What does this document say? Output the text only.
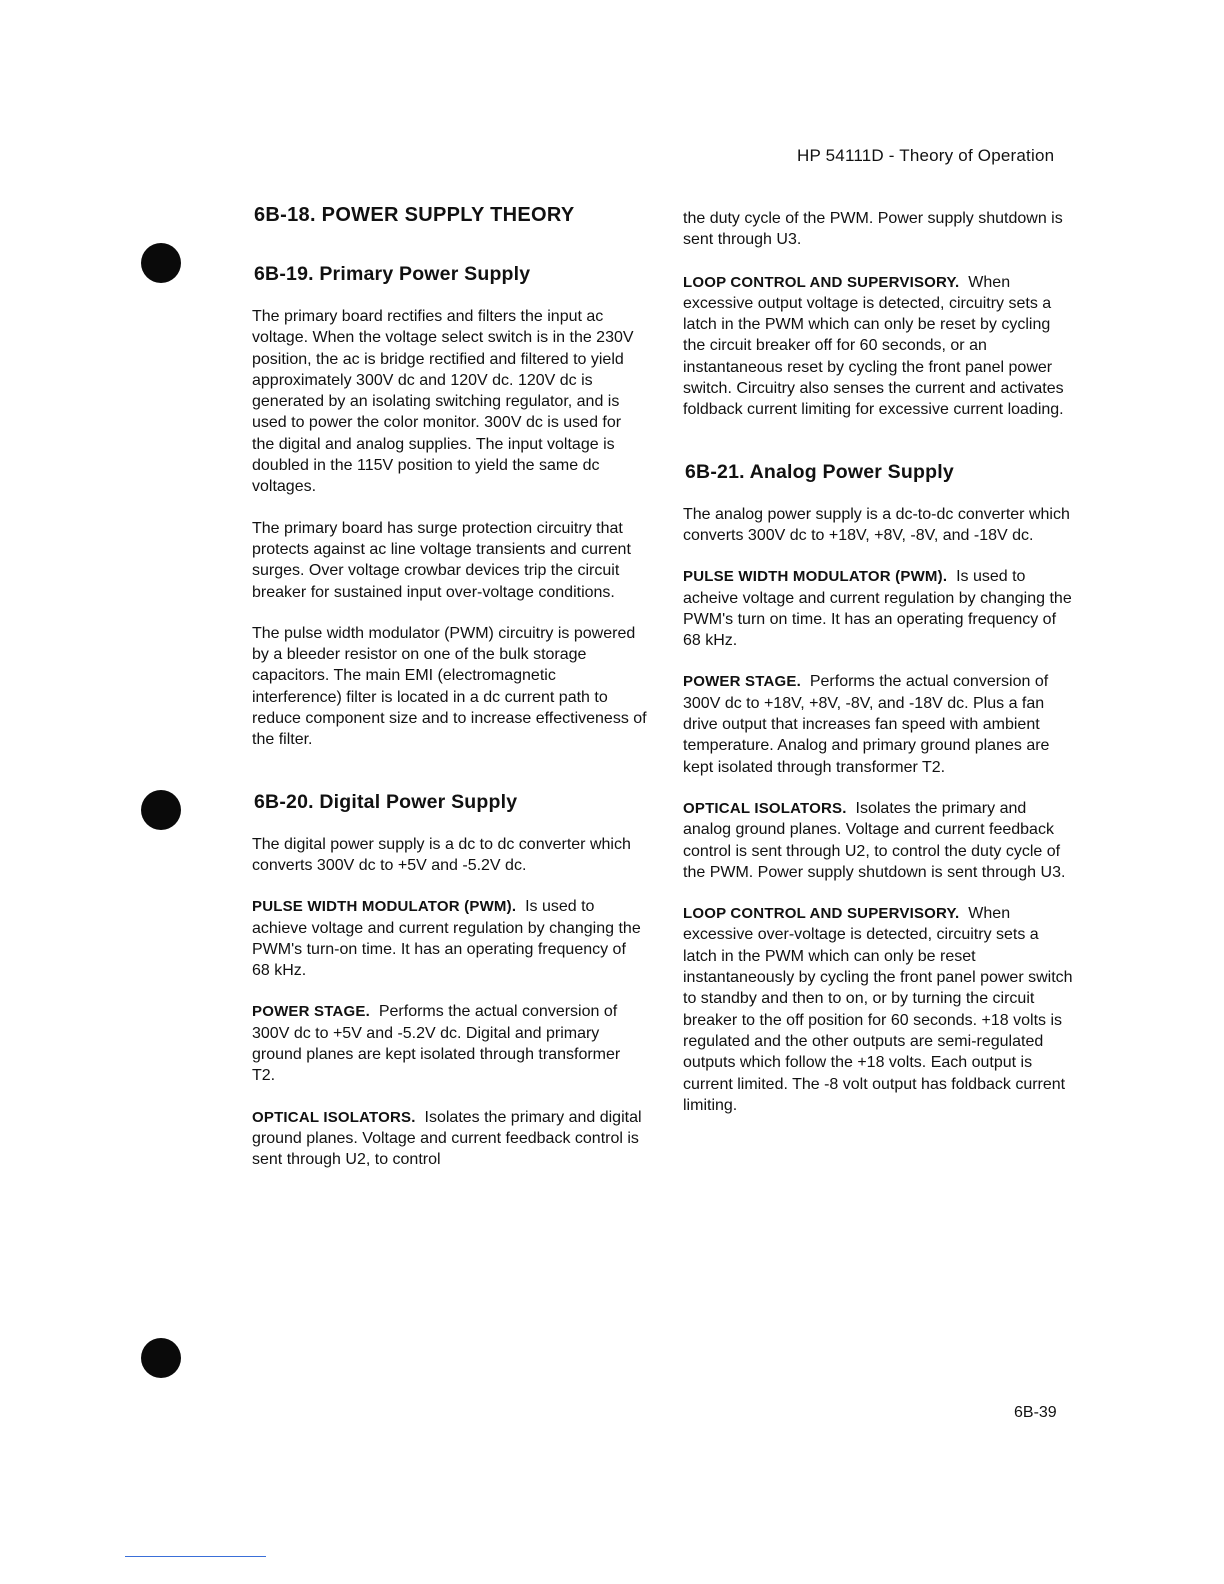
HP 54111D - Theory of Operation
6B-18. POWER SUPPLY THEORY
6B-19. Primary Power Supply

The primary board rectifies and filters the input ac voltage. When the voltage select switch is in the 230V position, the ac is bridge rectified and filtered to yield approximately 300V dc and 120V dc. 120V dc is generated by an isolating switching regulator, and is used to power the color monitor. 300V dc is used for the digital and analog supplies. The input voltage is doubled in the 115V position to yield the same dc voltages.

The primary board has surge protection circuitry that protects against ac line voltage transients and current surges. Over voltage crowbar devices trip the circuit breaker for sustained input over-voltage conditions.

The pulse width modulator (PWM) circuitry is powered by a bleeder resistor on one of the bulk storage capacitors. The main EMI (electromagnetic interference) filter is located in a dc current path to reduce component size and to increase effectiveness of the filter.

6B-20. Digital Power Supply

The digital power supply is a dc to dc converter which converts 300V dc to +5V and -5.2V dc.

PULSE WIDTH MODULATOR (PWM). Is used to achieve voltage and current regulation by changing the PWM's turn-on time. It has an operating frequency of 68 kHz.

POWER STAGE. Performs the actual conversion of 300V dc to +5V and -5.2V dc. Digital and primary ground planes are kept isolated through transformer T2.

OPTICAL ISOLATORS. Isolates the primary and digital ground planes. Voltage and current feedback control is sent through U2, to control

the duty cycle of the PWM. Power supply shutdown is sent through U3.

LOOP CONTROL AND SUPERVISORY. When excessive output voltage is detected, circuitry sets a latch in the PWM which can only be reset by cycling the circuit breaker off for 60 seconds, or an instantaneous reset by cycling the front panel power switch. Circuitry also senses the current and activates foldback current limiting for excessive current loading.

6B-21. Analog Power Supply

The analog power supply is a dc-to-dc converter which converts 300V dc to +18V, +8V, -8V, and -18V dc.

PULSE WIDTH MODULATOR (PWM). Is used to acheive voltage and current regulation by changing the PWM's turn on time. It has an operating frequency of 68 kHz.

POWER STAGE. Performs the actual conversion of 300V dc to +18V, +8V, -8V, and -18V dc. Plus a fan drive output that increases fan speed with ambient temperature. Analog and primary ground planes are kept isolated through transformer T2.

OPTICAL ISOLATORS. Isolates the primary and analog ground planes. Voltage and current feedback control is sent through U2, to control the duty cycle of the PWM. Power supply shutdown is sent through U3.

LOOP CONTROL AND SUPERVISORY. When excessive over-voltage is detected, circuitry sets a latch in the PWM which can only be reset instantaneously by cycling the front panel power switch to standby and then to on, or by turning the circuit breaker to the off position for 60 seconds. +18 volts is regulated and the other outputs are semi-regulated outputs which follow the +18 volts. Each output is current limited. The -8 volt output has foldback current limiting.

6B-39
